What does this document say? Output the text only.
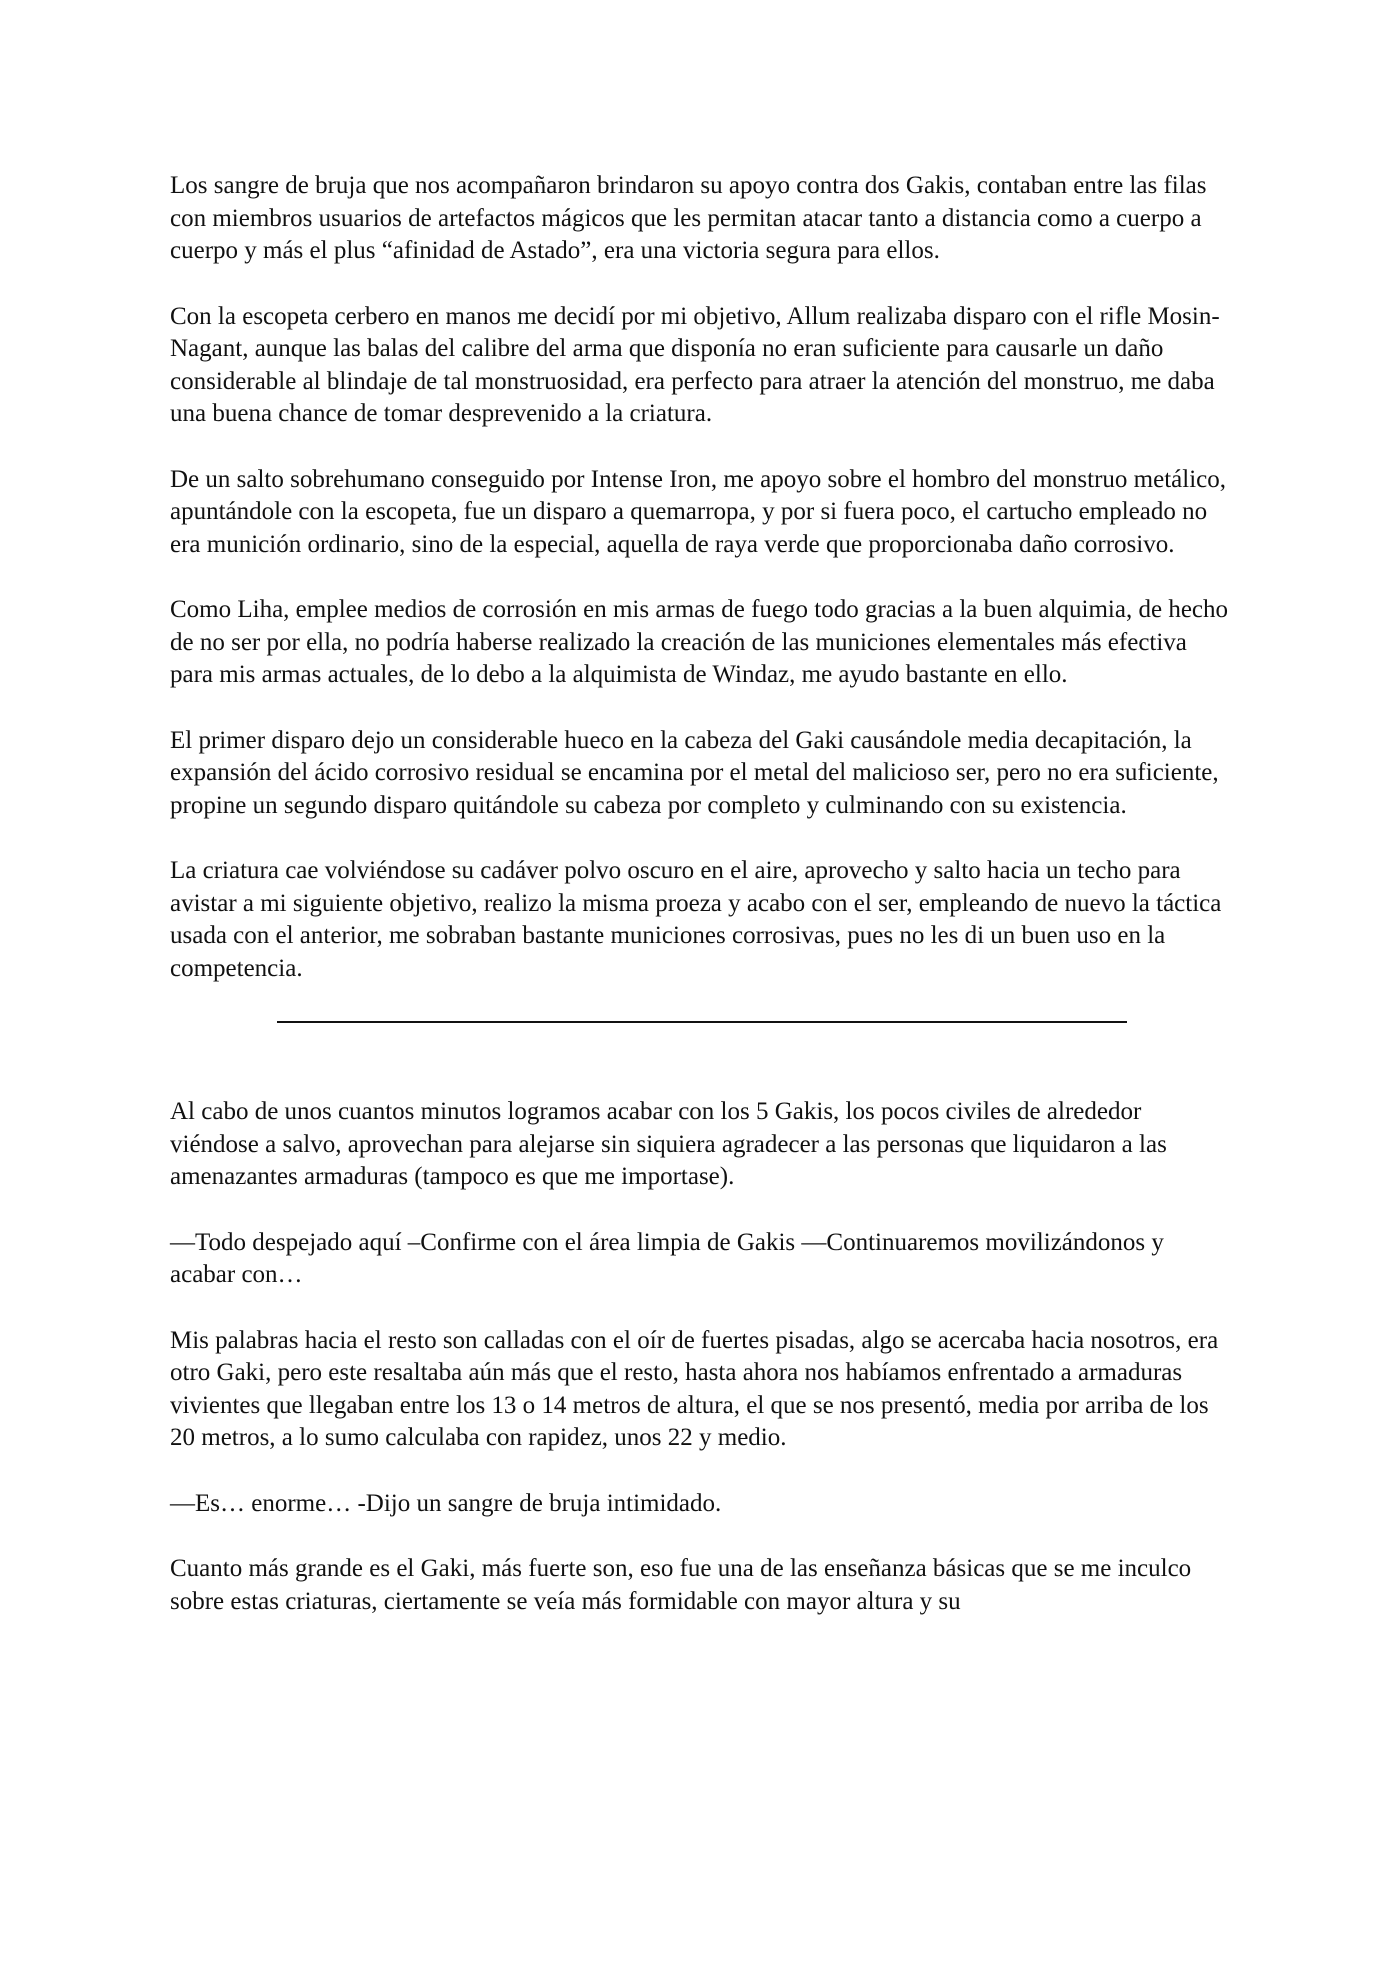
Los sangre de bruja que nos acompañaron brindaron su apoyo contra dos Gakis, contaban entre las filas con miembros usuarios de artefactos mágicos que les permitan atacar tanto a distancia como a cuerpo a cuerpo y más el plus “afinidad de Astado”, era una victoria segura para ellos.

Con la escopeta cerbero en manos me decidí por mi objetivo, Allum realizaba disparo con el rifle Mosin-Nagant, aunque las balas del calibre del arma que disponía no eran suficiente para causarle un daño considerable al blindaje de tal monstruosidad, era perfecto para atraer la atención del monstruo, me daba una buena chance de tomar desprevenido a la criatura.

De un salto sobrehumano conseguido por Intense Iron, me apoyo sobre el hombro del monstruo metálico, apuntándole con la escopeta, fue un disparo a quemarropa, y por si fuera poco, el cartucho empleado no era munición ordinario, sino de la especial, aquella de raya verde que proporcionaba daño corrosivo.

Como Liha, emplee medios de corrosión en mis armas de fuego todo gracias a la buen alquimia, de hecho de no ser por ella, no podría haberse realizado la creación de las municiones elementales más efectiva para mis armas actuales, de lo debo a la alquimista de Windaz, me ayudo bastante en ello.

El primer disparo dejo un considerable hueco en la cabeza del Gaki causándole media decapitación, la expansión del ácido corrosivo residual se encamina por el metal del malicioso ser, pero no era suficiente, propine un segundo disparo quitándole su cabeza por completo y culminando con su existencia.

La criatura cae volviéndose su cadáver polvo oscuro en el aire, aprovecho y salto hacia un techo para avistar a mi siguiente objetivo, realizo la misma proeza y acabo con el ser, empleando de nuevo la táctica usada con el anterior, me sobraban bastante municiones corrosivas, pues no les di un buen uso en la competencia.

Al cabo de unos cuantos minutos logramos acabar con los 5 Gakis, los pocos civiles de alrededor viéndose a salvo, aprovechan para alejarse sin siquiera agradecer a las personas que liquidaron a las amenazantes armaduras (tampoco es que me importase).

—Todo despejado aquí –Confirme con el área limpia de Gakis —Continuaremos movilizándonos y acabar con…

Mis palabras hacia el resto son calladas con el oír de fuertes pisadas, algo se acercaba hacia nosotros, era otro Gaki, pero este resaltaba aún más que el resto, hasta ahora nos habíamos enfrentado a armaduras vivientes que llegaban entre los 13 o 14 metros de altura, el que se nos presentó, media por arriba de los 20 metros, a lo sumo calculaba con rapidez, unos 22 y medio.

—Es… enorme… -Dijo un sangre de bruja intimidado.

Cuanto más grande es el Gaki, más fuerte son, eso fue una de las enseñanza básicas que se me inculco sobre estas criaturas, ciertamente se veía más formidable con mayor altura y su
